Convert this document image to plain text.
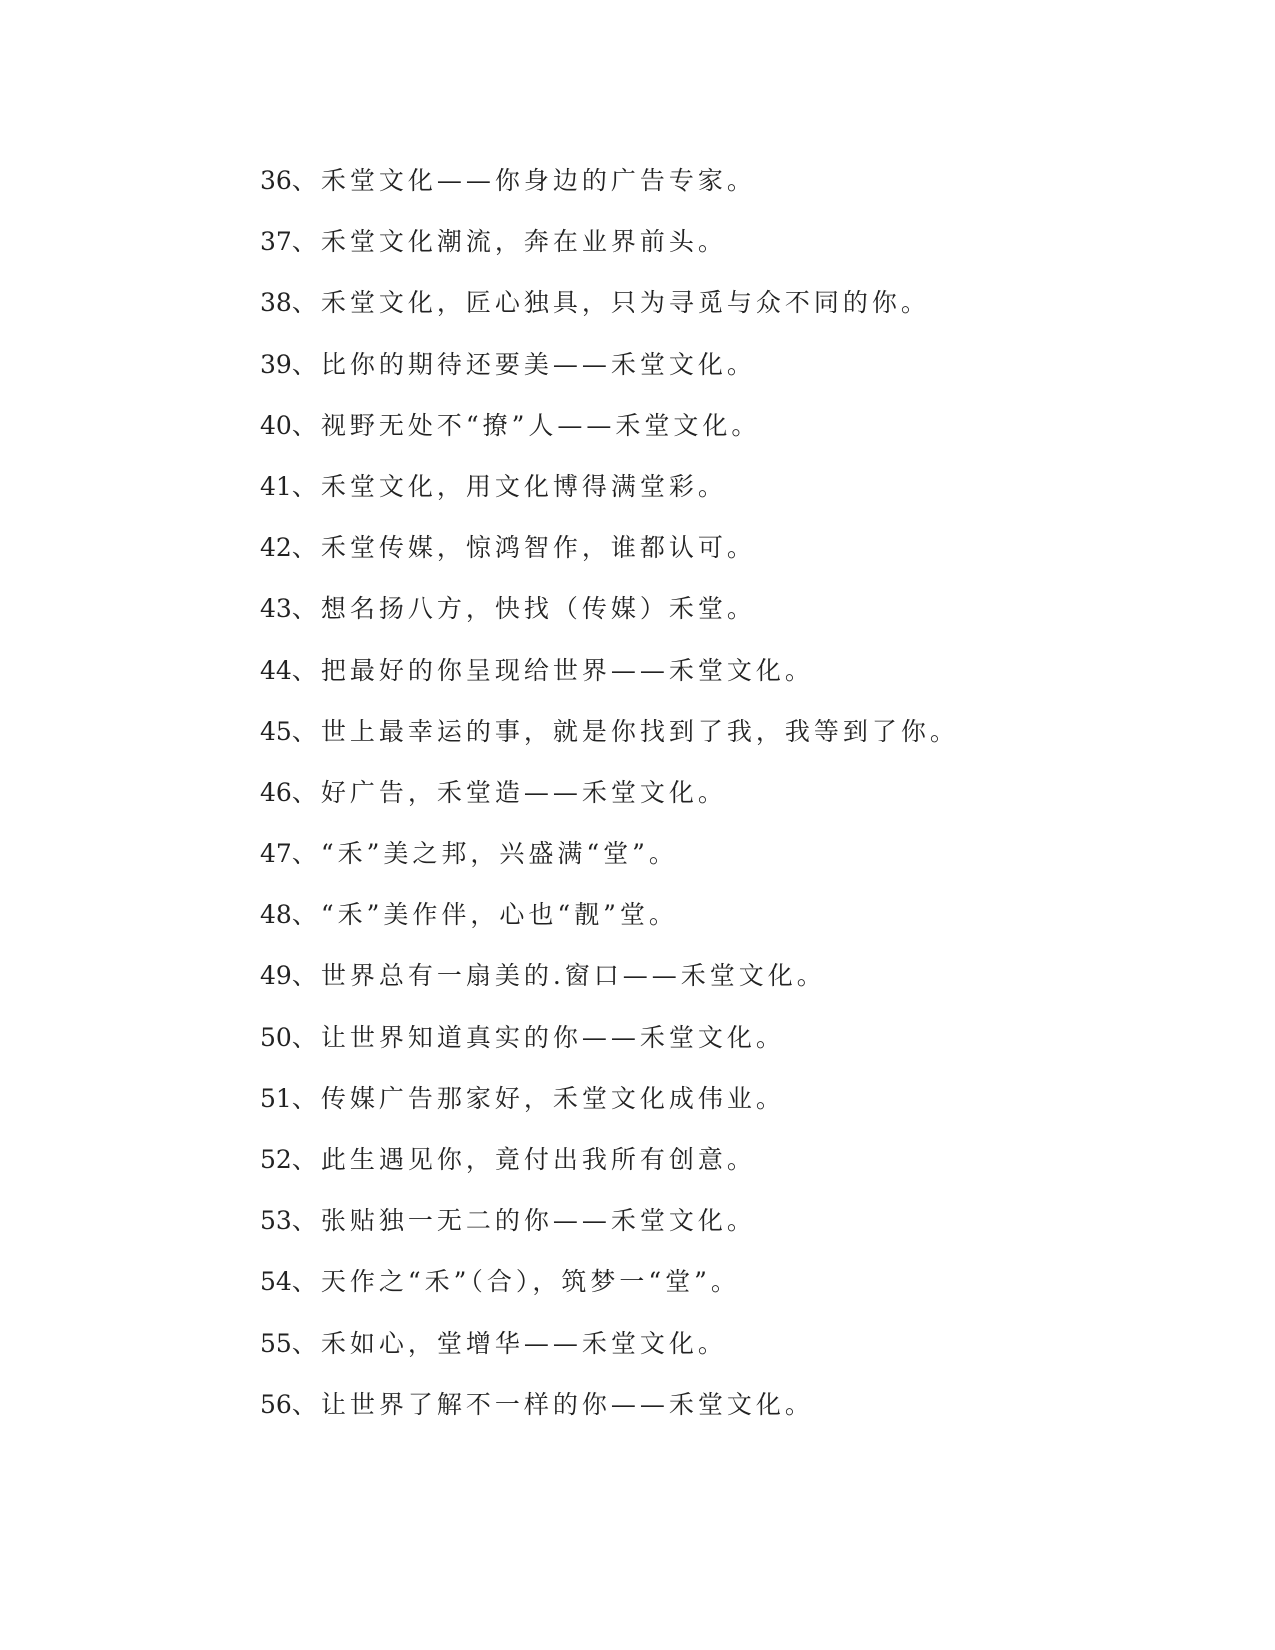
36、禾堂文化——你身边的广告专家。
37、禾堂文化潮流，奔在业界前头。
38、禾堂文化，匠心独具，只为寻觅与众不同的你。
39、比你的期待还要美——禾堂文化。
40、视野无处不“撩”人——禾堂文化。
41、禾堂文化，用文化博得满堂彩。
42、禾堂传媒，惊鸿智作，谁都认可。
43、想名扬八方，快找（传媒）禾堂。
44、把最好的你呈现给世界——禾堂文化。
45、世上最幸运的事，就是你找到了我，我等到了你。
46、好广告，禾堂造——禾堂文化。
47、“禾”美之邦，兴盛满“堂”。
48、“禾”美作伴，心也“靓”堂。
49、世界总有一扇美的.窗口——禾堂文化。
50、让世界知道真实的你——禾堂文化。
51、传媒广告那家好，禾堂文化成伟业。
52、此生遇见你，竟付出我所有创意。
53、张贴独一无二的你——禾堂文化。
54、天作之“禾”（合），筑梦一“堂”。
55、禾如心，堂增华——禾堂文化。
56、让世界了解不一样的你——禾堂文化。
